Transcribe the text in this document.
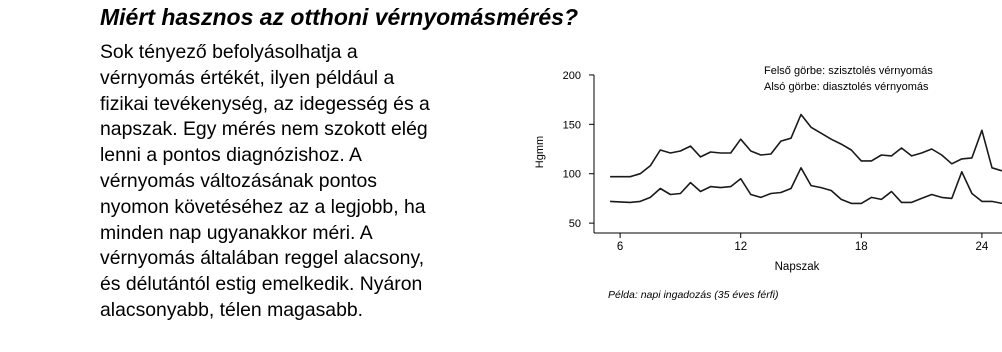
Miért hasznos az otthoni vérnyomásmérés?
Sok tényező befolyásolhatja a
vérnyomás értékét, ilyen például a
fizikai tevékenység, az idegesség és a
napszak. Egy mérés nem szokott elég
lenni a pontos diagnózishoz. A
vérnyomás változásának pontos
nyomon követéséhez az a legjobb, ha
minden nap ugyanakkor méri. A
vérnyomás általában reggel alacsony,
és délutántól estig emelkedik. Nyáron
alacsonyabb, télen magasabb.
24
18
12
6
200
150
100
50
Hgmm
Napszak
Felső görbe: szisztolés vérnyomás
Alsó görbe: diasztolés vérnyomás
Példa: napi ingadozás (35 éves férfi)
